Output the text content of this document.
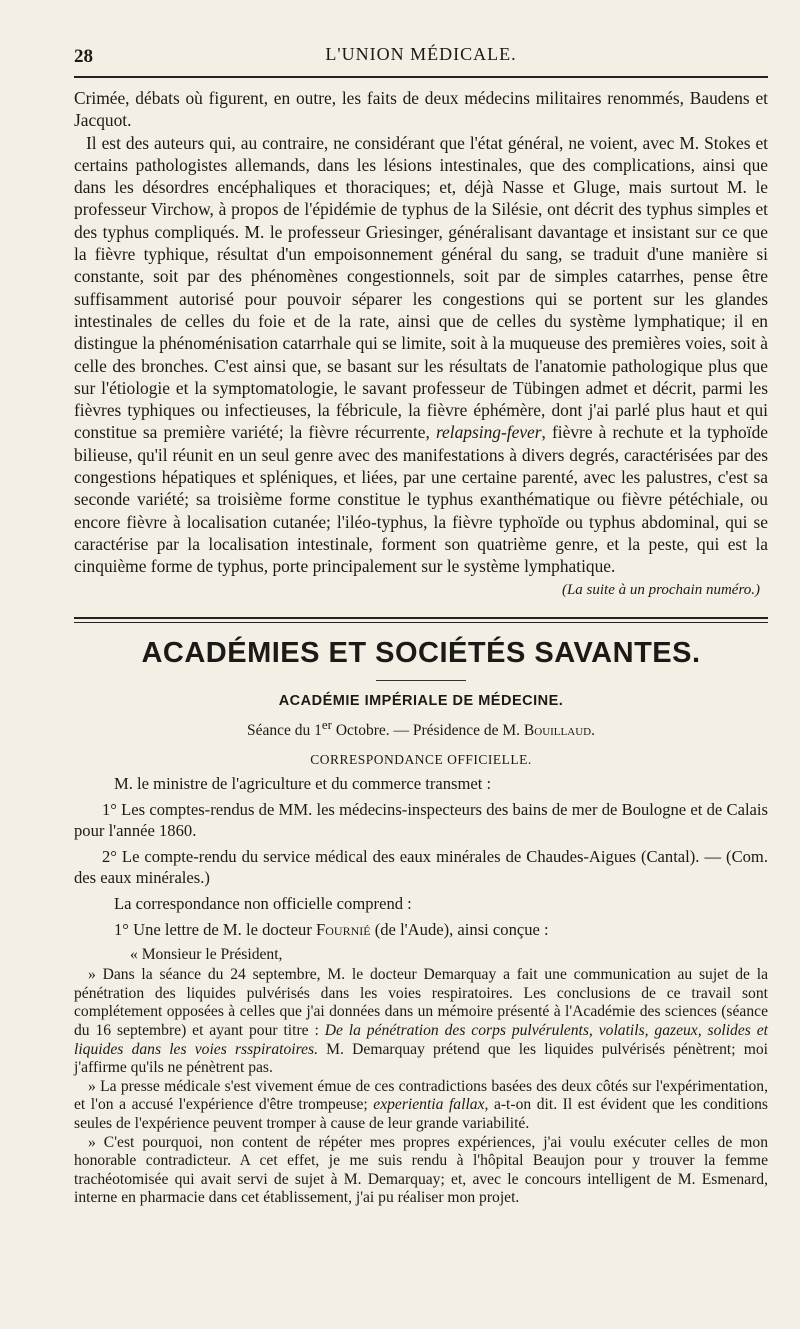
28	L'UNION MÉDICALE.

Crimée, débats où figurent, en outre, les faits de deux médecins militaires renommés, Baudens et Jacquot.

Il est des auteurs qui, au contraire, ne considérant que l'état général, ne voient, avec M. Stokes et certains pathologistes allemands, dans les lésions intestinales, que des complications, ainsi que dans les désordres encéphaliques et thoraciques; et, déjà Nasse et Gluge, mais surtout M. le professeur Virchow, à propos de l'épidémie de typhus de la Silésie, ont décrit des typhus simples et des typhus compliqués. M. le professeur Griesinger, généralisant davantage et insistant sur ce que la fièvre typhique, résultat d'un empoisonnement général du sang, se traduit d'une manière si constante, soit par des phénomènes congestionnels, soit par de simples catarrhes, pense être suffisamment autorisé pour pouvoir séparer les congestions qui se portent sur les glandes intestinales de celles du foie et de la rate, ainsi que de celles du système lymphatique; il en distingue la phénoménisation catarrhale qui se limite, soit à la muqueuse des premières voies, soit à celle des bronches. C'est ainsi que, se basant sur les résultats de l'anatomie pathologique plus que sur l'étiologie et la symptomatologie, le savant professeur de Tübingen admet et décrit, parmi les fièvres typhiques ou infectieuses, la fébricule, la fièvre éphémère, dont j'ai parlé plus haut et qui constitue sa première variété; la fièvre récurrente, relapsing-fever, fièvre à rechute et la typhoïde bilieuse, qu'il réunit en un seul genre avec des manifestations à divers degrés, caractérisées par des congestions hépatiques et spléniques, et liées, par une certaine parenté, avec les palustres, c'est sa seconde variété; sa troisième forme constitue le typhus exanthématique ou fièvre pétéchiale, ou encore fièvre à localisation cutanée; l'iléo-typhus, la fièvre typhoïde ou typhus abdominal, qui se caractérise par la localisation intestinale, forment son quatrième genre, et la peste, qui est la cinquième forme de typhus, porte principalement sur le système lymphatique.

(La suite à un prochain numéro.)
ACADÉMIES ET SOCIÉTÉS SAVANTES.
ACADÉMIE IMPÉRIALE DE MÉDECINE.
Séance du 1er Octobre. — Présidence de M. Bouillaud.
CORRESPONDANCE OFFICIELLE.

M. le ministre de l'agriculture et du commerce transmet :

1° Les comptes-rendus de MM. les médecins-inspecteurs des bains de mer de Boulogne et de Calais pour l'année 1860.

2° Le compte-rendu du service médical des eaux minérales de Chaudes-Aigues (Cantal). — (Com. des eaux minérales.)

La correspondance non officielle comprend :

1° Une lettre de M. le docteur Fournié (de l'Aude), ainsi conçue :

« Monsieur le Président,

» Dans la séance du 24 septembre, M. le docteur Demarquay a fait une communication au sujet de la pénétration des liquides pulvérisés dans les voies respiratoires. Les conclusions de ce travail sont complétement opposées à celles que j'ai données dans un mémoire présenté à l'Académie des sciences (séance du 16 septembre) et ayant pour titre : De la pénétration des corps pulvérulents, volatils, gazeux, solides et liquides dans les voies rsspiratoires. M. Demarquay prétend que les liquides pulvérisés pénètrent; moi j'affirme qu'ils ne pénètrent pas.

» La presse médicale s'est vivement émue de ces contradictions basées des deux côtés sur l'expérimentation, et l'on a accusé l'expérience d'être trompeuse; experientia fallax, a-t-on dit. Il est évident que les conditions seules de l'expérience peuvent tromper à cause de leur grande variabilité.

» C'est pourquoi, non content de répéter mes propres expériences, j'ai voulu exécuter celles de mon honorable contradicteur. A cet effet, je me suis rendu à l'hôpital Beaujon pour y trouver la femme trachéotomisée qui avait servi de sujet à M. Demarquay; et, avec le concours intelligent de M. Esmenard, interne en pharmacie dans cet établissement, j'ai pu réaliser mon projet.
